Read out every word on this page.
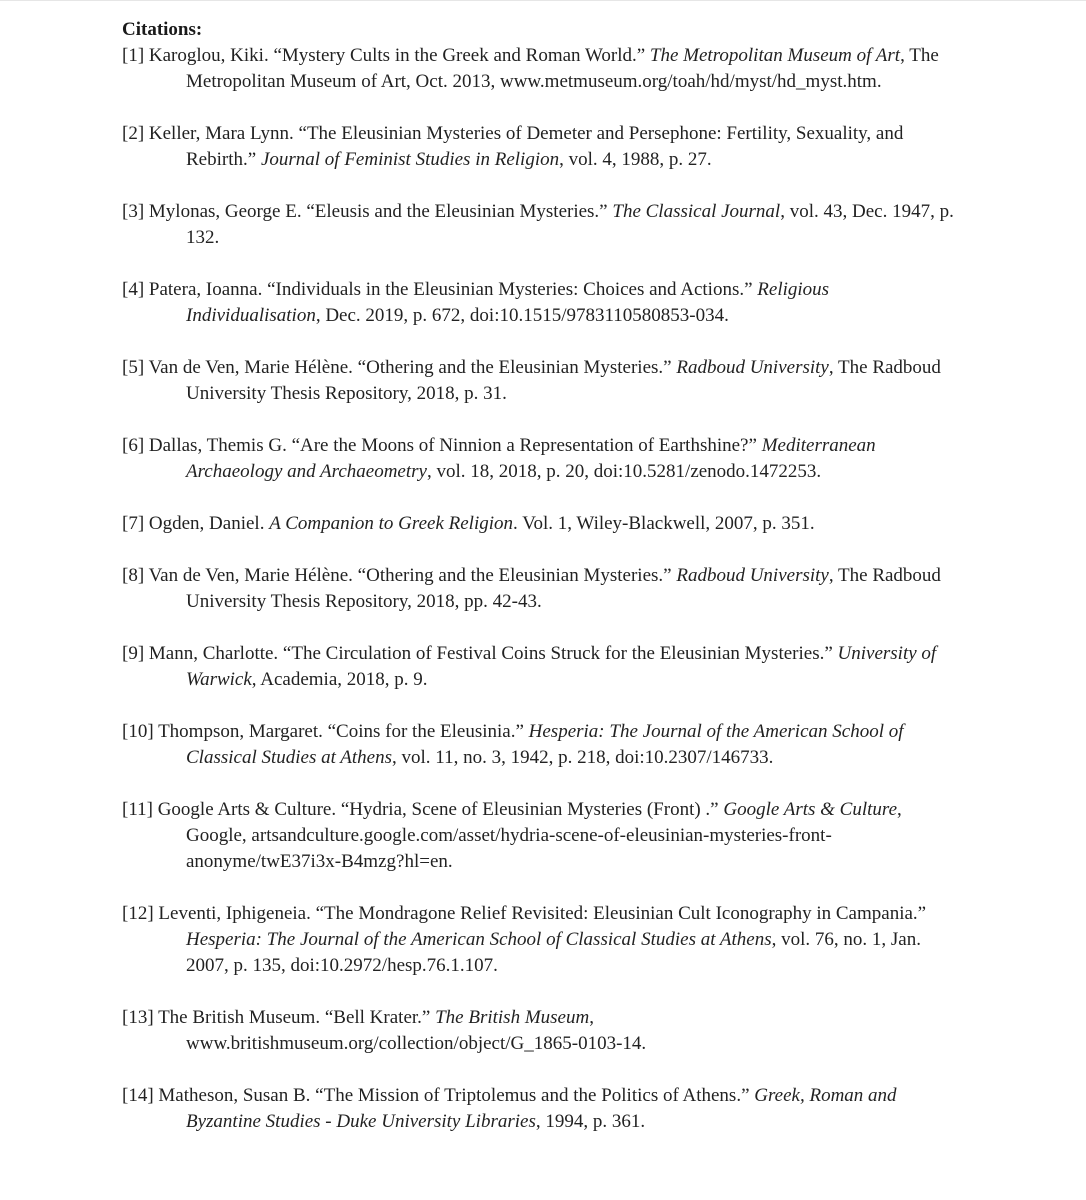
Citations:

[1] Karoglou, Kiki. “Mystery Cults in the Greek and Roman World.” The Metropolitan Museum of Art, The Metropolitan Museum of Art, Oct. 2013, www.metmuseum.org/toah/hd/myst/hd_myst.htm.

[2] Keller, Mara Lynn. “The Eleusinian Mysteries of Demeter and Persephone: Fertility, Sexuality, and Rebirth.” Journal of Feminist Studies in Religion, vol. 4, 1988, p. 27.

[3] Mylonas, George E. “Eleusis and the Eleusinian Mysteries.” The Classical Journal, vol. 43, Dec. 1947, p. 132.

[4] Patera, Ioanna. “Individuals in the Eleusinian Mysteries: Choices and Actions.” Religious Individualisation, Dec. 2019, p. 672, doi:10.1515/9783110580853-034.

[5] Van de Ven, Marie Hélène. “Othering and the Eleusinian Mysteries.” Radboud University, The Radboud University Thesis Repository, 2018, p. 31.

[6] Dallas, Themis G. “Are the Moons of Ninnion a Representation of Earthshine?” Mediterranean Archaeology and Archaeometry, vol. 18, 2018, p. 20, doi:10.5281/zenodo.1472253.

[7] Ogden, Daniel. A Companion to Greek Religion. Vol. 1, Wiley-Blackwell, 2007, p. 351.

[8] Van de Ven, Marie Hélène. “Othering and the Eleusinian Mysteries.” Radboud University, The Radboud University Thesis Repository, 2018, pp. 42-43.

[9] Mann, Charlotte. “The Circulation of Festival Coins Struck for the Eleusinian Mysteries.” University of Warwick, Academia, 2018, p. 9.

[10] Thompson, Margaret. “Coins for the Eleusinia.” Hesperia: The Journal of the American School of Classical Studies at Athens, vol. 11, no. 3, 1942, p. 218, doi:10.2307/146733.

[11] Google Arts & Culture. “Hydria, Scene of Eleusinian Mysteries (Front) .” Google Arts & Culture, Google, artsandculture.google.com/asset/hydria-scene-of-eleusinian-mysteries-front-anonyme/twE37i3x-B4mzg?hl=en.

[12] Leventi, Iphigeneia. “The Mondragone Relief Revisited: Eleusinian Cult Iconography in Campania.” Hesperia: The Journal of the American School of Classical Studies at Athens, vol. 76, no. 1, Jan. 2007, p. 135, doi:10.2972/hesp.76.1.107.

[13] The British Museum. “Bell Krater.” The British Museum, www.britishmuseum.org/collection/object/G_1865-0103-14.

[14] Matheson, Susan B. “The Mission of Triptolemus and the Politics of Athens.” Greek, Roman and Byzantine Studies - Duke University Libraries, 1994, p. 361.
